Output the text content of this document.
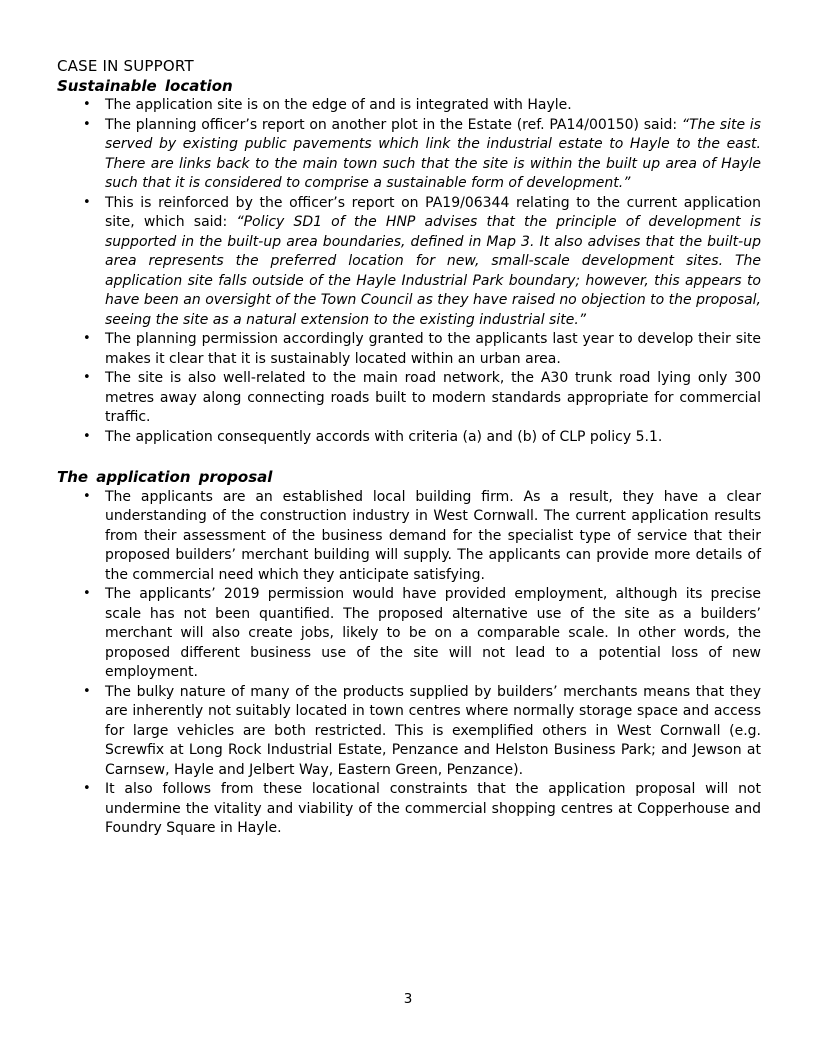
CASE IN SUPPORT
Sustainable location
• The application site is on the edge of and is integrated with Hayle.
• The planning officer’s report on another plot in the Estate (ref. PA14/00150) said: “The site is served by existing public pavements which link the industrial estate to Hayle to the east. There are links back to the main town such that the site is within the built up area of Hayle such that it is considered to comprise a sustainable form of development.”
• This is reinforced by the officer’s report on PA19/06344 relating to the current application site, which said: “Policy SD1 of the HNP advises that the principle of development is supported in the built-up area boundaries, defined in Map 3. It also advises that the built-up area represents the preferred location for new, small-scale development sites. The application site falls outside of the Hayle Industrial Park boundary; however, this appears to have been an oversight of the Town Council as they have raised no objection to the proposal, seeing the site as a natural extension to the existing industrial site.”
• The planning permission accordingly granted to the applicants last year to develop their site makes it clear that it is sustainably located within an urban area.
• The site is also well-related to the main road network, the A30 trunk road lying only 300 metres away along connecting roads built to modern standards appropriate for commercial traffic.
• The application consequently accords with criteria (a) and (b) of CLP policy 5.1.
The application proposal
• The applicants are an established local building firm. As a result, they have a clear understanding of the construction industry in West Cornwall. The current application results from their assessment of the business demand for the specialist type of service that their proposed builders’ merchant building will supply. The applicants can provide more details of the commercial need which they anticipate satisfying.
• The applicants’ 2019 permission would have provided employment, although its precise scale has not been quantified. The proposed alternative use of the site as a builders’ merchant will also create jobs, likely to be on a comparable scale. In other words, the proposed different business use of the site will not lead to a potential loss of new employment.
• The bulky nature of many of the products supplied by builders’ merchants means that they are inherently not suitably located in town centres where normally storage space and access for large vehicles are both restricted. This is exemplified others in West Cornwall (e.g. Screwfix at Long Rock Industrial Estate, Penzance and Helston Business Park; and Jewson at Carnsew, Hayle and Jelbert Way, Eastern Green, Penzance).
• It also follows from these locational constraints that the application proposal will not undermine the vitality and viability of the commercial shopping centres at Copperhouse and Foundry Square in Hayle.
3
